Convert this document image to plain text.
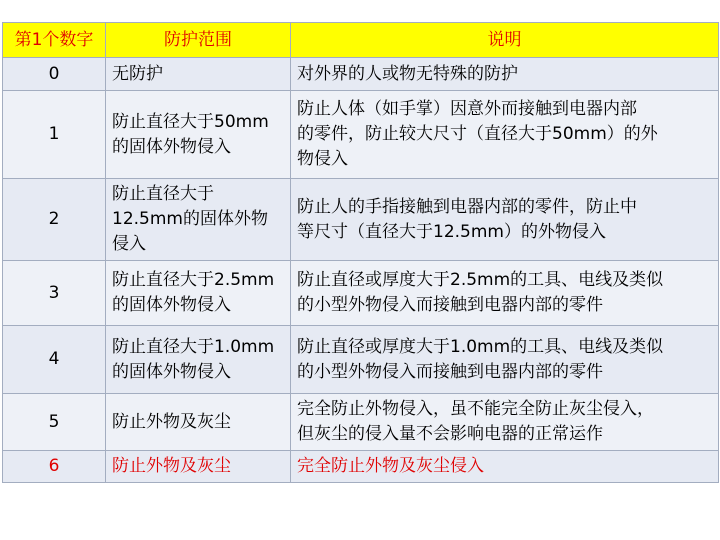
第1个数字	防护范围	说明
0	无防护	对外界的人或物无特殊的防护
1	防止直径大于50mm
的固体外物侵入	防止人体（如手掌）因意外而接触到电器内部
的零件，防止较大尺寸（直径大于50mm）的外
物侵入
2	防止直径大于
12.5mm的固体外物
侵入	防止人的手指接触到电器内部的零件，防止中
等尺寸（直径大于12.5mm）的外物侵入
3	防止直径大于2.5mm
的固体外物侵入	防止直径或厚度大于2.5mm的工具、电线及类似
的小型外物侵入而接触到电器内部的零件
4	防止直径大于1.0mm
的固体外物侵入	防止直径或厚度大于1.0mm的工具、电线及类似
的小型外物侵入而接触到电器内部的零件
5	防止外物及灰尘	完全防止外物侵入，虽不能完全防止灰尘侵入，
但灰尘的侵入量不会影响电器的正常运作
6	防止外物及灰尘	完全防止外物及灰尘侵入
